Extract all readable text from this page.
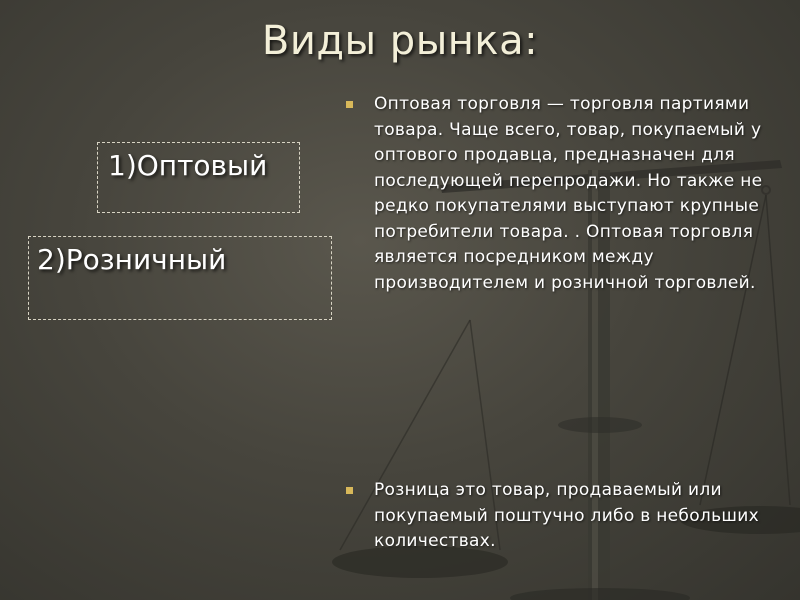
Виды рынка:
1)Оптовый
2)Розничный
Оптовая торговля — торговля партиями товара. Чаще всего, товар, покупаемый у оптового продавца, предназначен для последующей перепродажи. Но также не редко покупателями выступают крупные потребители товара. . Оптовая торговля является посредником между производителем и розничной торговлей.
Розница это товар, продаваемый или покупаемый поштучно либо в небольших количествах.
